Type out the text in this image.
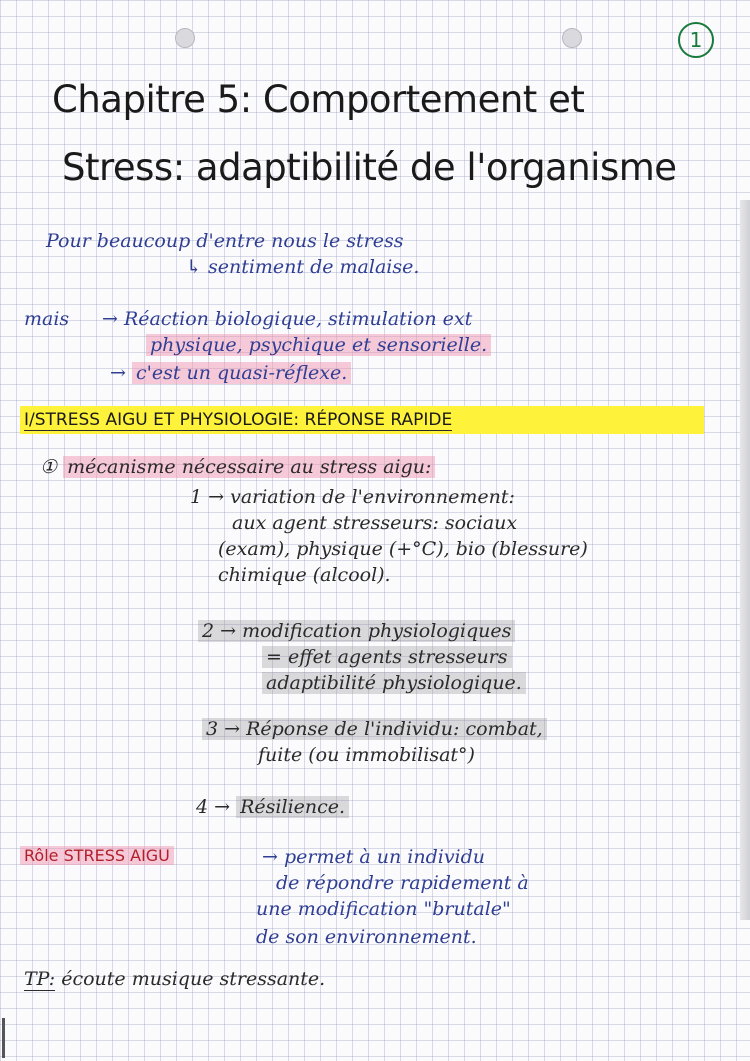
1
Chapitre 5: Comportement et
Stress: adaptibilité de l'organisme
Pour beaucoup d'entre nous le stress
↳ sentiment de malaise.
mais → Réaction biologique, stimulation ext
physique, psychique et sensorielle.
→ c'est un quasi-réflexe.
I/STRESS AIGU ET PHYSIOLOGIE: RÉPONSE RAPIDE
① mécanisme nécessaire au stress aigu:
1 → variation de l'environnement:
aux agent stresseurs: sociaux
(exam), physique (+°C), bio (blessure)
chimique (alcool).
2 → modification physiologiques
= effet agents stresseurs
adaptibilité physiologique.
3 → Réponse de l'individu: combat,
fuite (ou immobilisat°)
4 → Résilience.
Rôle STRESS AIGU	→ permet à un individu
de répondre rapidement à
une modification "brutale"
de son environnement.
TP: écoute musique stressante.
